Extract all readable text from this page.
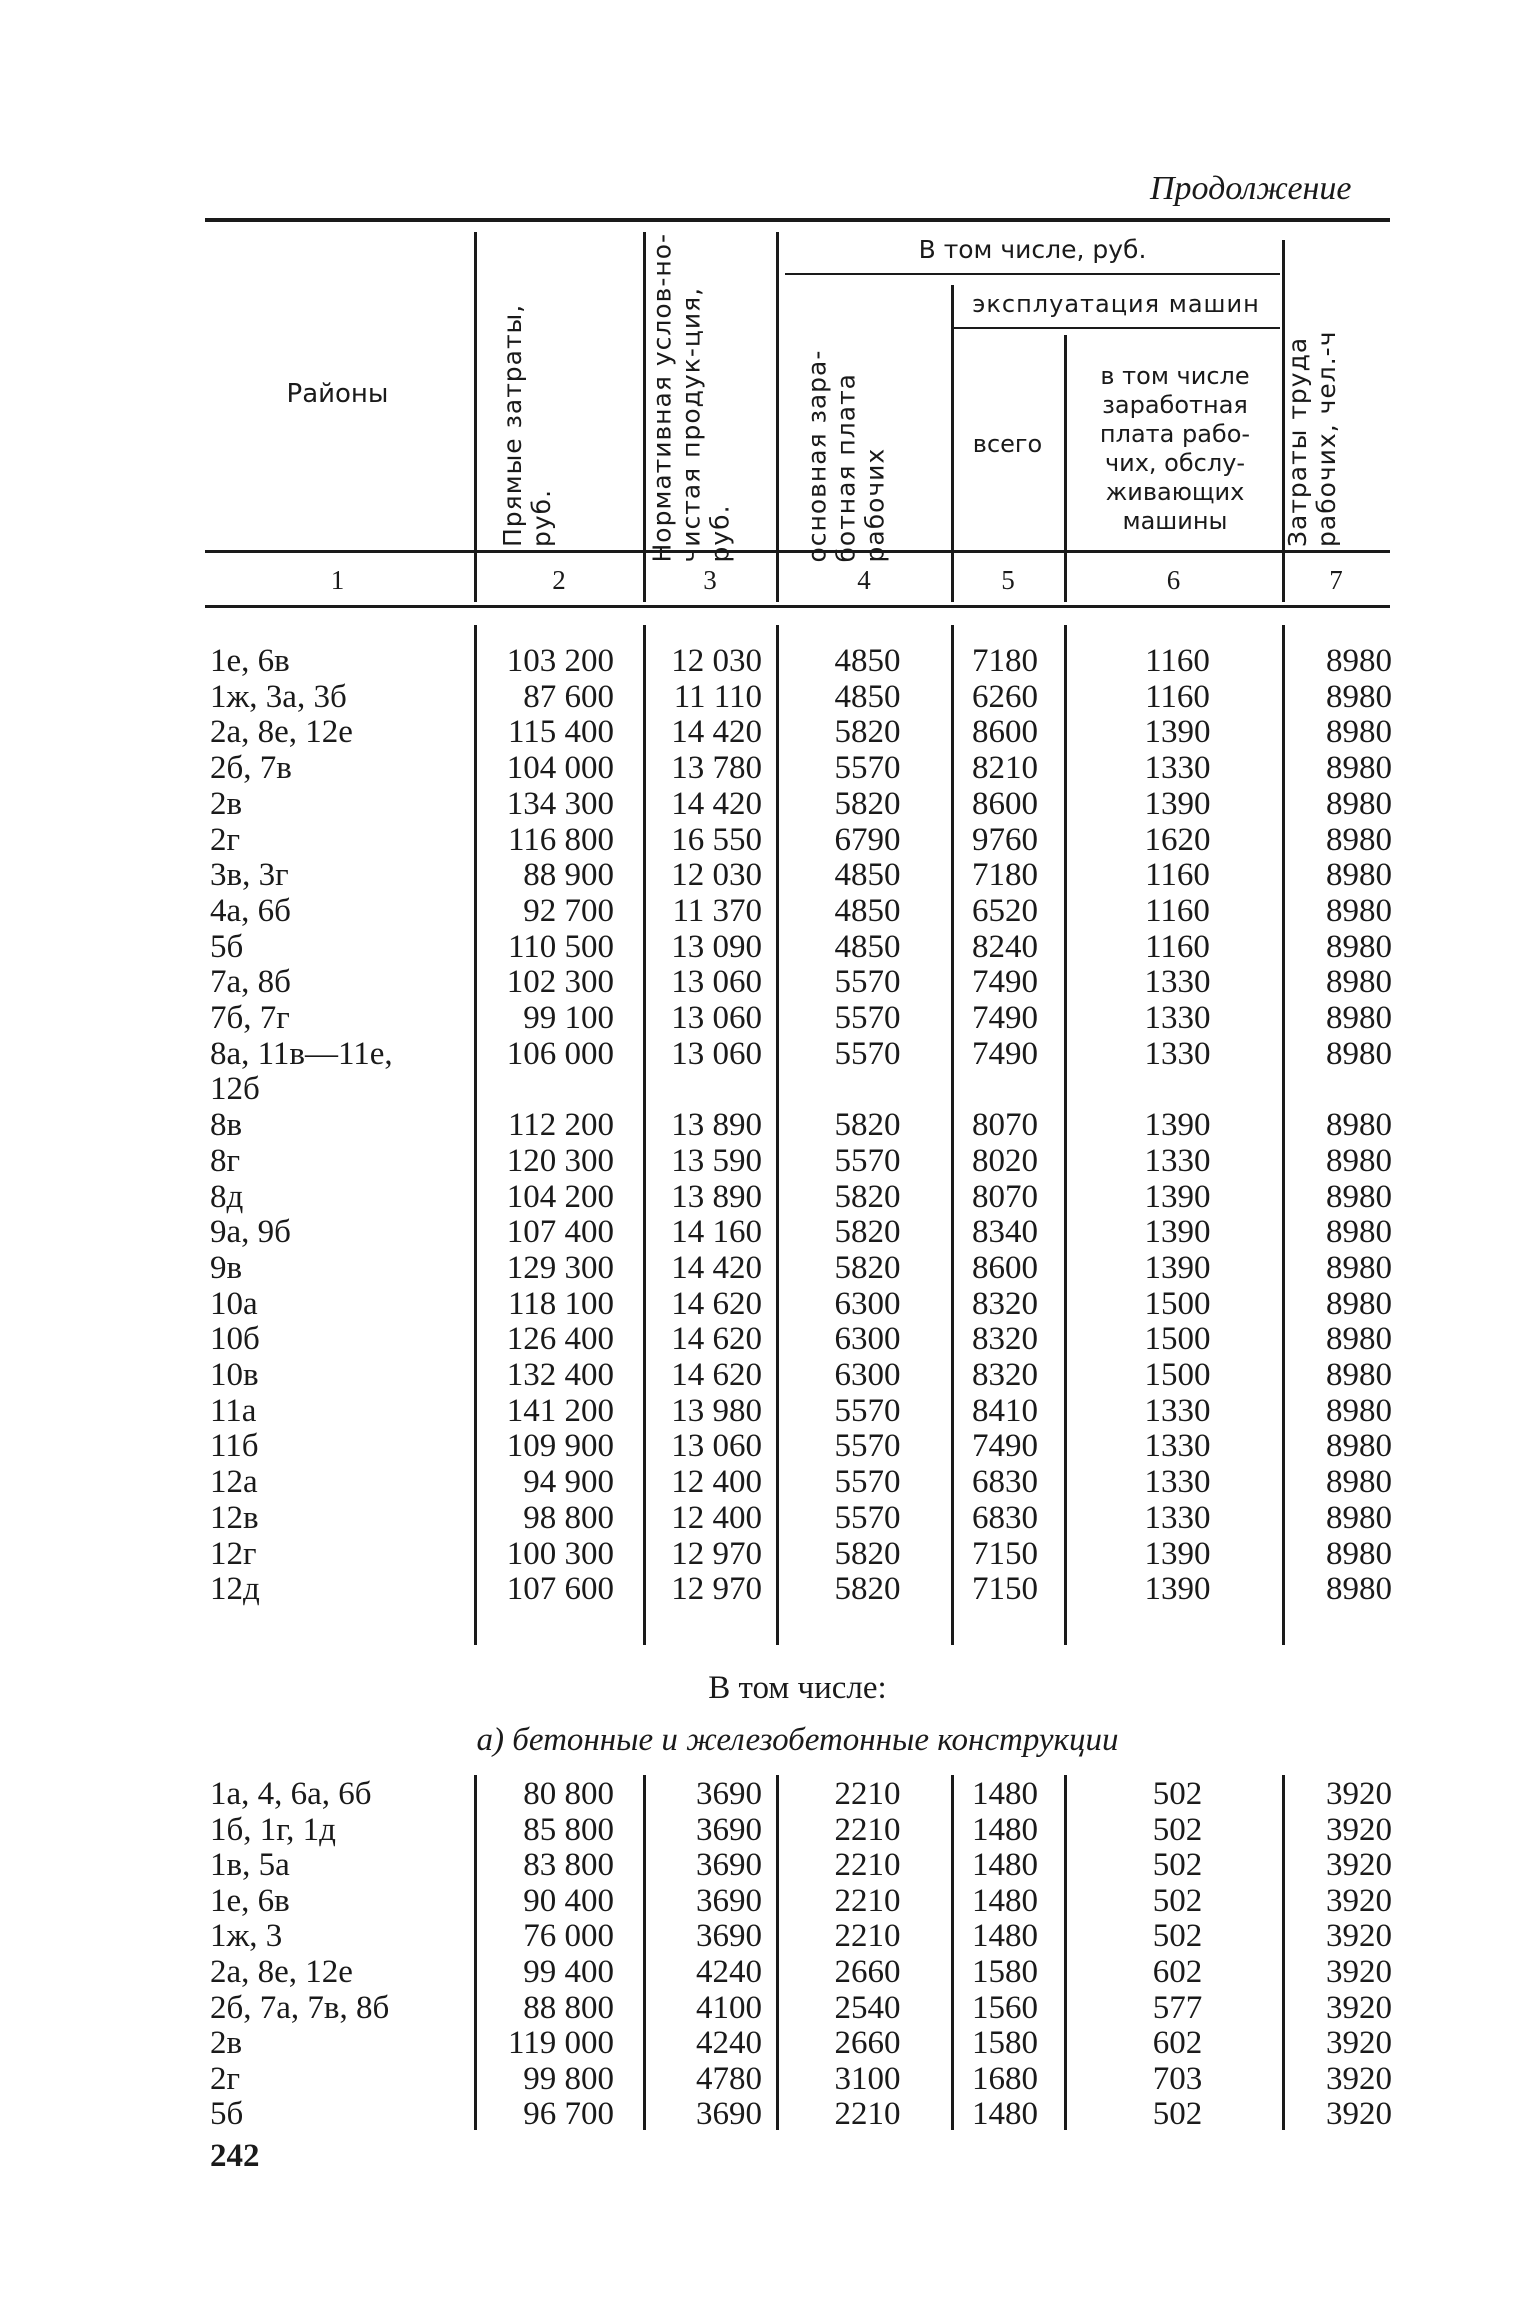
Продолжение
Районы
В том числе, руб.
эксплуатация машин
всего
в том числе заработная плата рабо-чих, обслу-живающих машины
Прямые затраты, руб.	Нормативная услов-но-чистая продук-ция, руб.	основная зара-ботная плата рабочих	Затраты труда рабочих, чел.-ч
1	2	3	4	5	6	7
1е, 6в	103 200	12 030	4850	7180	1160	8980
1ж, 3а, 3б	87 600	11 110	4850	6260	1160	8980
2а, 8е, 12е	115 400	14 420	5820	8600	1390	8980
2б, 7в	104 000	13 780	5570	8210	1330	8980
2в	134 300	14 420	5820	8600	1390	8980
2г	116 800	16 550	6790	9760	1620	8980
3в, 3г	88 900	12 030	4850	7180	1160	8980
4а, 6б	92 700	11 370	4850	6520	1160	8980
5б	110 500	13 090	4850	8240	1160	8980
7а, 8б	102 300	13 060	5570	7490	1330	8980
7б, 7г	99 100	13 060	5570	7490	1330	8980
8а, 11в—11е,	106 000	13 060	5570	7490	1330	8980
12б
8в	112 200	13 890	5820	8070	1390	8980
8г	120 300	13 590	5570	8020	1330	8980
8д	104 200	13 890	5820	8070	1390	8980
9а, 9б	107 400	14 160	5820	8340	1390	8980
9в	129 300	14 420	5820	8600	1390	8980
10а	118 100	14 620	6300	8320	1500	8980
10б	126 400	14 620	6300	8320	1500	8980
10в	132 400	14 620	6300	8320	1500	8980
11а	141 200	13 980	5570	8410	1330	8980
11б	109 900	13 060	5570	7490	1330	8980
12а	94 900	12 400	5570	6830	1330	8980
12в	98 800	12 400	5570	6830	1330	8980
12г	100 300	12 970	5820	7150	1390	8980
12д	107 600	12 970	5820	7150	1390	8980
В том числе:
а) бетонные и железобетонные конструкции
1а, 4, 6а, 6б	80 800	3690	2210	1480	502	3920
1б, 1г, 1д	85 800	3690	2210	1480	502	3920
1в, 5а	83 800	3690	2210	1480	502	3920
1е, 6в	90 400	3690	2210	1480	502	3920
1ж, 3	76 000	3690	2210	1480	502	3920
2а, 8е, 12е	99 400	4240	2660	1580	602	3920
2б, 7а, 7в, 8б	88 800	4100	2540	1560	577	3920
2в	119 000	4240	2660	1580	602	3920
2г	99 800	4780	3100	1680	703	3920
5б	96 700	3690	2210	1480	502	3920
242
